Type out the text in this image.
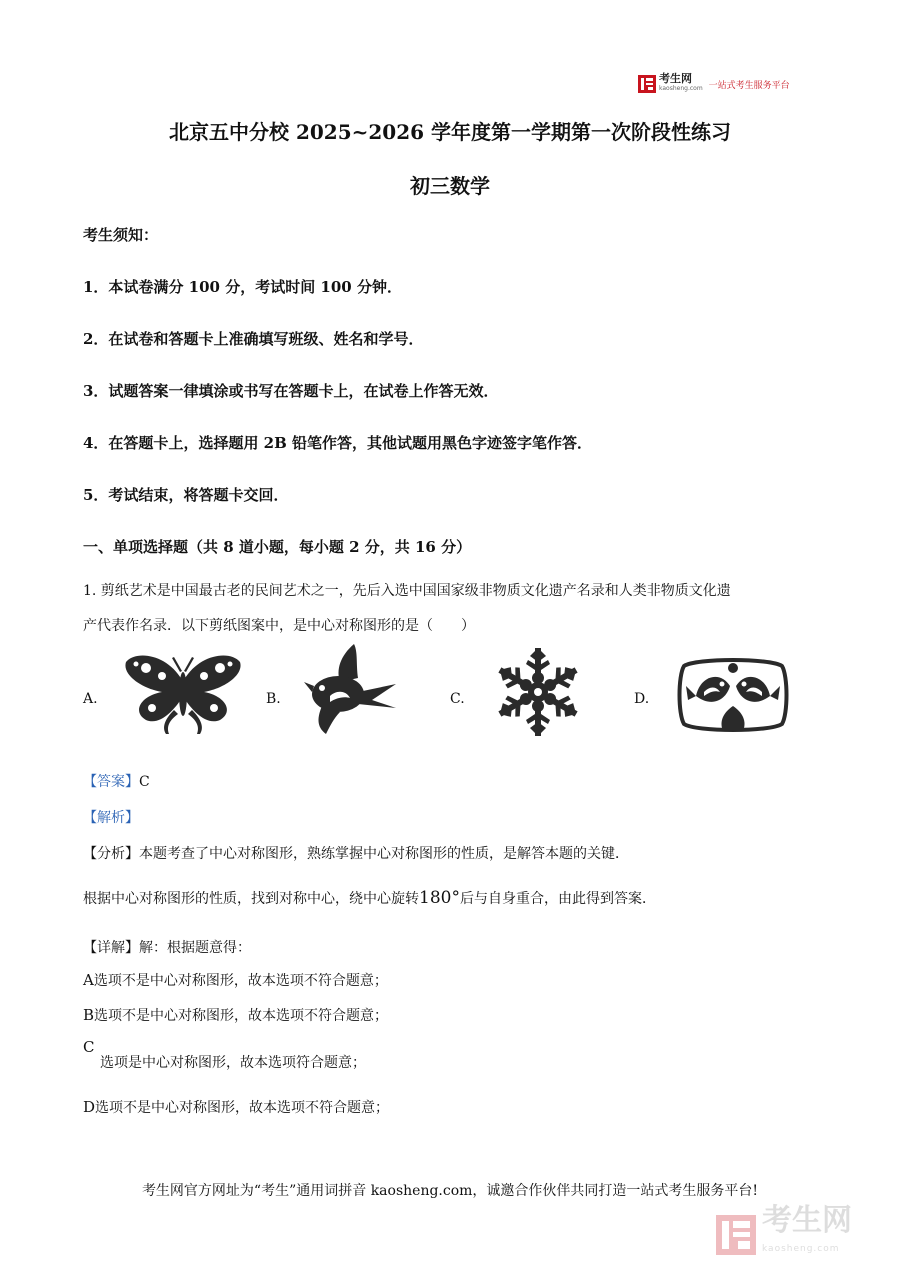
考生网
kaosheng.com 一站式考生服务平台
北京五中分校 2025~2026 学年度第一学期第一次阶段性练习
初三数学
考生须知：
1．本试卷满分 100 分，考试时间 100 分钟．
2．在试卷和答题卡上准确填写班级、姓名和学号．
3．试题答案一律填涂或书写在答题卡上，在试卷上作答无效．
4．在答题卡上，选择题用 2B 铅笔作答，其他试题用黑色字迹签字笔作答．
5．考试结束，将答题卡交回．
一、单项选择题（共 8 道小题，每小题 2 分，共 16 分）
1. 剪纸艺术是中国最古老的民间艺术之一，先后入选中国国家级非物质文化遗产名录和人类非物质文化遗
产代表作名录．以下剪纸图案中，是中心对称图形的是（　　）
A.	B.	C.	D.
【答案】C
【解析】
【分析】本题考查了中心对称图形，熟练掌握中心对称图形的性质，是解答本题的关键．
根据中心对称图形的性质，找到对称中心，绕中心旋转180°后与自身重合，由此得到答案．
【详解】解：根据题意得：
A选项不是中心对称图形，故本选项不符合题意；
B选项不是中心对称图形，故本选项不符合题意；
C
选项是中心对称图形，故本选项符合题意；
D选项不是中心对称图形，故本选项不符合题意；
考生网官方网址为“考生”通用词拼音 kaosheng.com，诚邀合作伙伴共同打造一站式考生服务平台!
考生网
kaosheng.com
